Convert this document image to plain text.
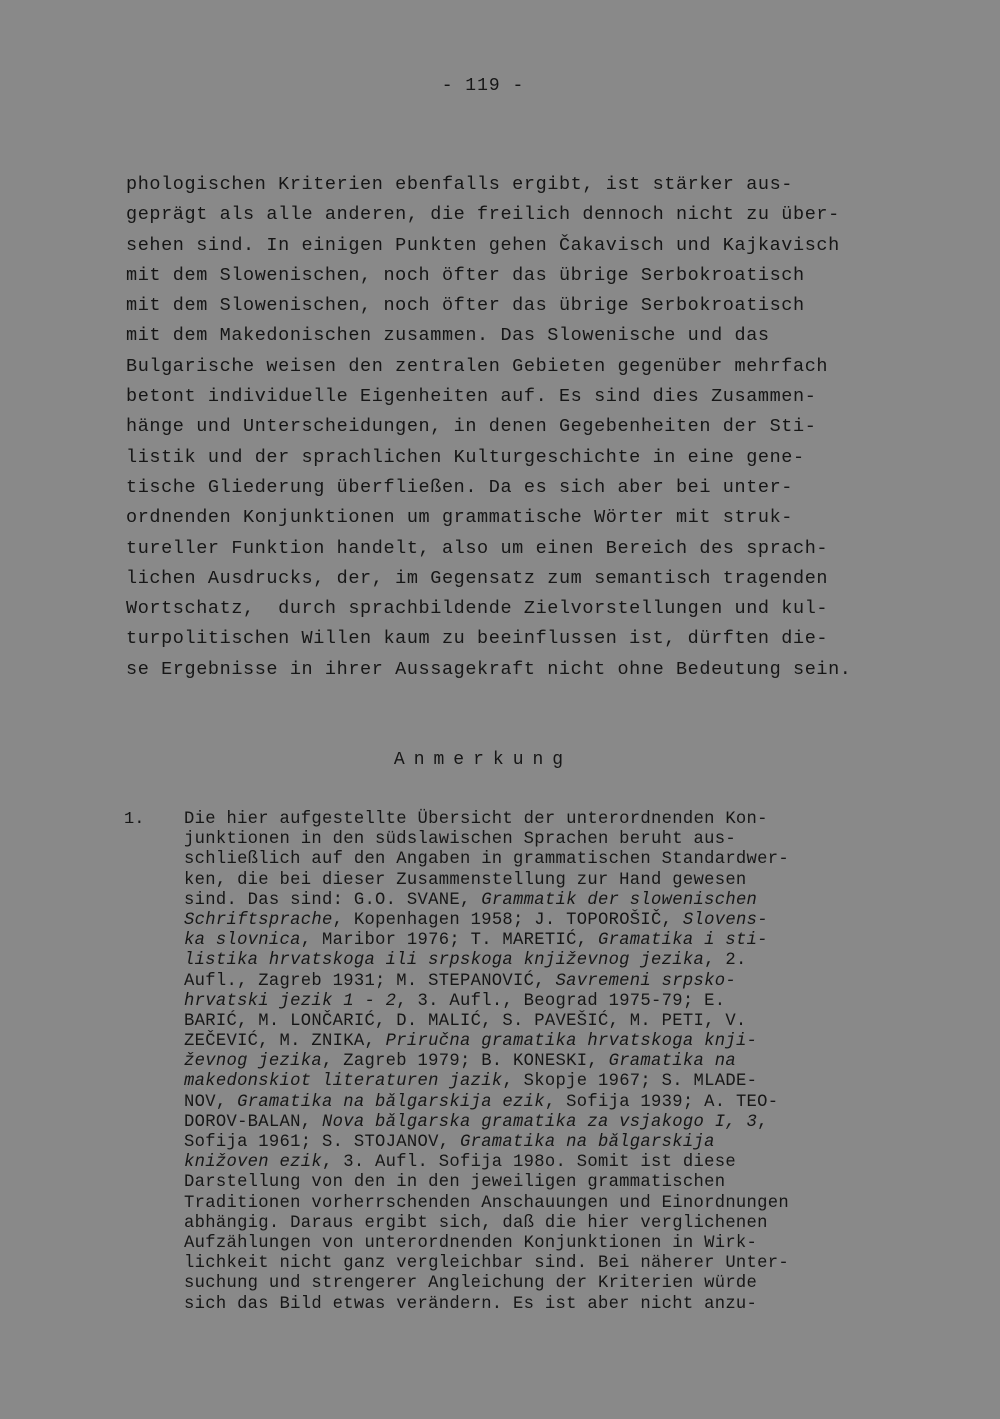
- 119 -
phologischen Kriterien ebenfalls ergibt, ist stärker aus-
geprägt als alle anderen, die freilich dennoch nicht zu über-
sehen sind. In einigen Punkten gehen Čakavisch und Kajkavisch
mit dem Slowenischen, noch öfter das übrige Serbokroatisch
mit dem Slowenischen, noch öfter das übrige Serbokroatisch
mit dem Makedonischen zusammen. Das Slowenische und das
Bulgarische weisen den zentralen Gebieten gegenüber mehrfach
betont individuelle Eigenheiten auf. Es sind dies Zusammen-
hänge und Unterscheidungen, in denen Gegebenheiten der Sti-
listik und der sprachlichen Kulturgeschichte in eine gene-
tische Gliederung überfließen. Da es sich aber bei unter-
ordnenden Konjunktionen um grammatische Wörter mit struk-
tureller Funktion handelt, also um einen Bereich des sprach-
lichen Ausdrucks, der, im Gegensatz zum semantisch tragenden
Wortschatz,  durch sprachbildende Zielvorstellungen und kul-
turpolitischen Willen kaum zu beeinflussen ist, dürften die-
se Ergebnisse in ihrer Aussagekraft nicht ohne Bedeutung sein.
Anmerkung
1. Die hier aufgestellte Übersicht der unterordnenden Kon-
junktionen in den südslawischen Sprachen beruht aus-
schließlich auf den Angaben in grammatischen Standardwer-
ken, die bei dieser Zusammenstellung zur Hand gewesen
sind. Das sind: G.O. SVANE, Grammatik der slowenischen
Schriftsprache, Kopenhagen 1958; J. TOPOROŠIČ, Slovens-
ka slovnica, Maribor 1976; T. MARETIĆ, Gramatika i sti-
listika hrvatskoga ili srpskoga književnog jezika, 2.
Aufl., Zagreb 1931; M. STEPANOVIĆ, Savremeni srpsko-
hrvatski jezik 1 - 2, 3. Aufl., Beograd 1975-79; E.
BARIĆ, M. LONČARIĆ, D. MALIĆ, S. PAVEŠIĆ, M. PETI, V.
ZEČEVIĆ, M. ZNIKA, Priručna gramatika hrvatskoga knji-
ževnog jezika, Zagreb 1979; B. KONESKI, Gramatika na
makedonskiot literaturen jazik, Skopje 1967; S. MLADE-
NOV, Gramatika na bălgarskija ezik, Sofija 1939; A. TEO-
DOROV-BALAN, Nova bălgarska gramatika za vsjakogo I, 3,
Sofija 1961; S. STOJANOV, Gramatika na bălgarskija
knižoven ezik, 3. Aufl. Sofija 198o. Somit ist diese
Darstellung von den in den jeweiligen grammatischen
Traditionen vorherrschenden Anschauungen und Einordnungen
abhängig. Daraus ergibt sich, daß die hier verglichenen
Aufzählungen von unterordnenden Konjunktionen in Wirk-
lichkeit nicht ganz vergleichbar sind. Bei näherer Unter-
suchung und strengerer Angleichung der Kriterien würde
sich das Bild etwas verändern. Es ist aber nicht anzu-
